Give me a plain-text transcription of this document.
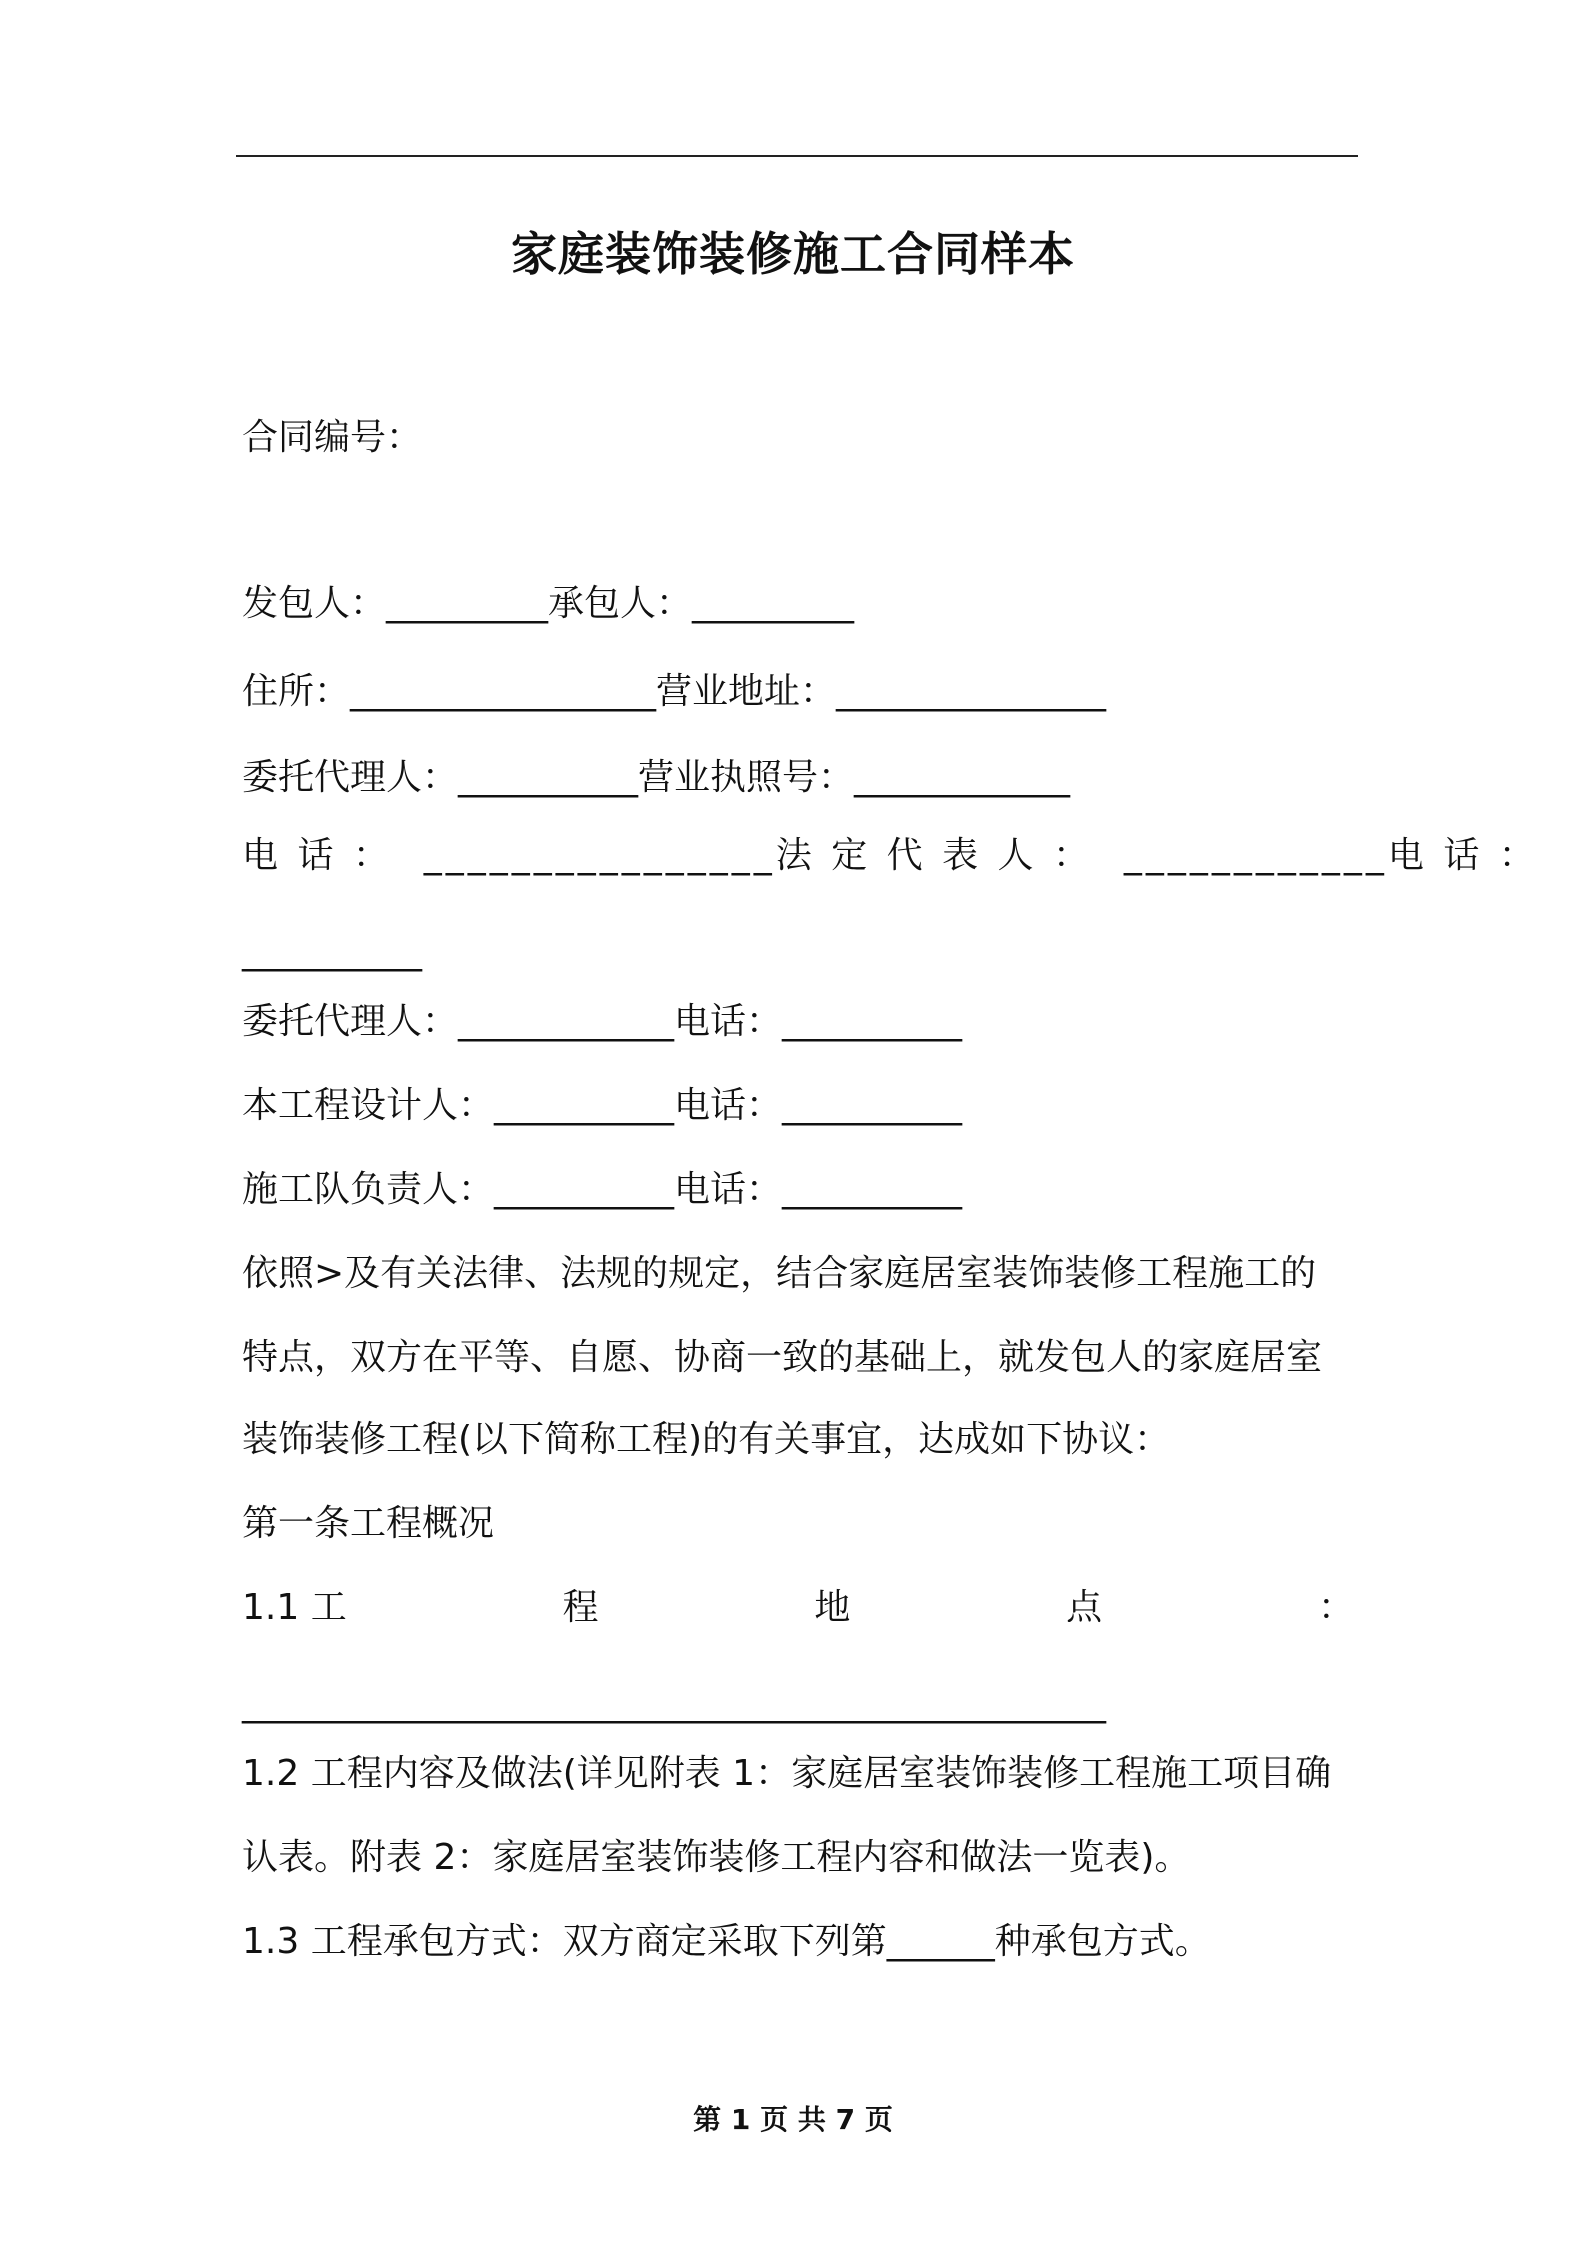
家庭装饰装修施工合同样本
合同编号：
发包人：_________承包人：_________
住所：_________________营业地址：_______________
委托代理人：__________营业执照号：____________
电 话 ：  ________________法 定 代 表 人 ：  ____________电 话 ：
__________
委托代理人：____________电话：__________
本工程设计人：__________电话：__________
施工队负责人：__________电话：__________
依照>及有关法律、法规的规定，结合家庭居室装饰装修工程施工的
特点，双方在平等、自愿、协商一致的基础上，就发包人的家庭居室
装饰装修工程(以下简称工程)的有关事宜，达成如下协议：
第一条工程概况
1.1 工	程	地	点	：
________________________________________________
1.2 工程内容及做法(详见附表 1：家庭居室装饰装修工程施工项目确
认表。附表 2：家庭居室装饰装修工程内容和做法一览表)。
1.3 工程承包方式：双方商定采取下列第______种承包方式。
第 1 页 共 7 页
